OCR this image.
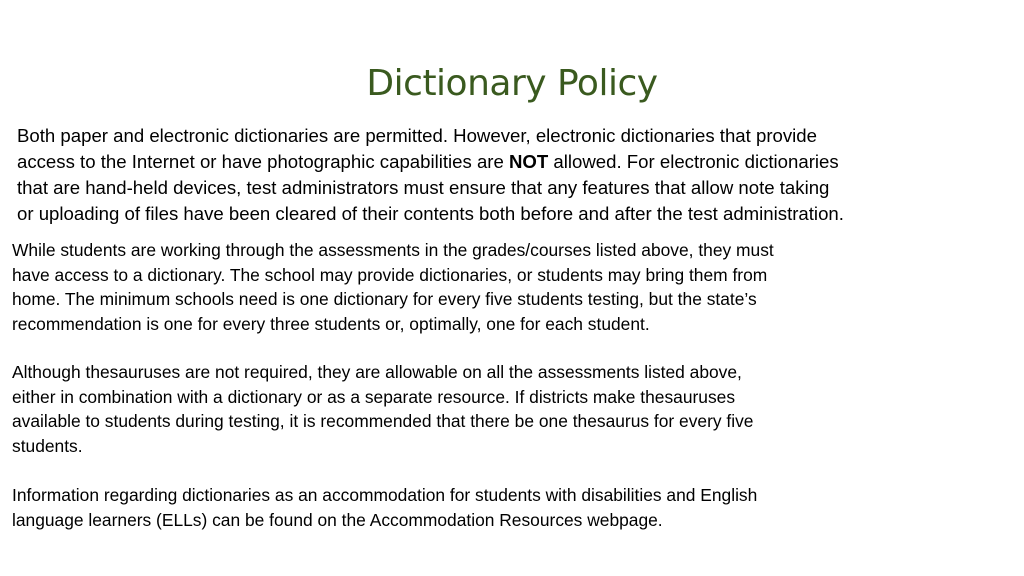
Dictionary Policy
Both paper and electronic dictionaries are permitted. However, electronic dictionaries that provide
access to the Internet or have photographic capabilities are NOT allowed. For electronic dictionaries
that are hand-held devices, test administrators must ensure that any features that allow note taking
or uploading of files have been cleared of their contents both before and after the test administration.
While students are working through the assessments in the grades/courses listed above, they must
have access to a dictionary. The school may provide dictionaries, or students may bring them from
home. The minimum schools need is one dictionary for every five students testing, but the state’s
recommendation is one for every three students or, optimally, one for each student.
Although thesauruses are not required, they are allowable on all the assessments listed above,
either in combination with a dictionary or as a separate resource. If districts make thesauruses
available to students during testing, it is recommended that there be one thesaurus for every five
students.
Information regarding dictionaries as an accommodation for students with disabilities and English
language learners (ELLs) can be found on the Accommodation Resources webpage.
